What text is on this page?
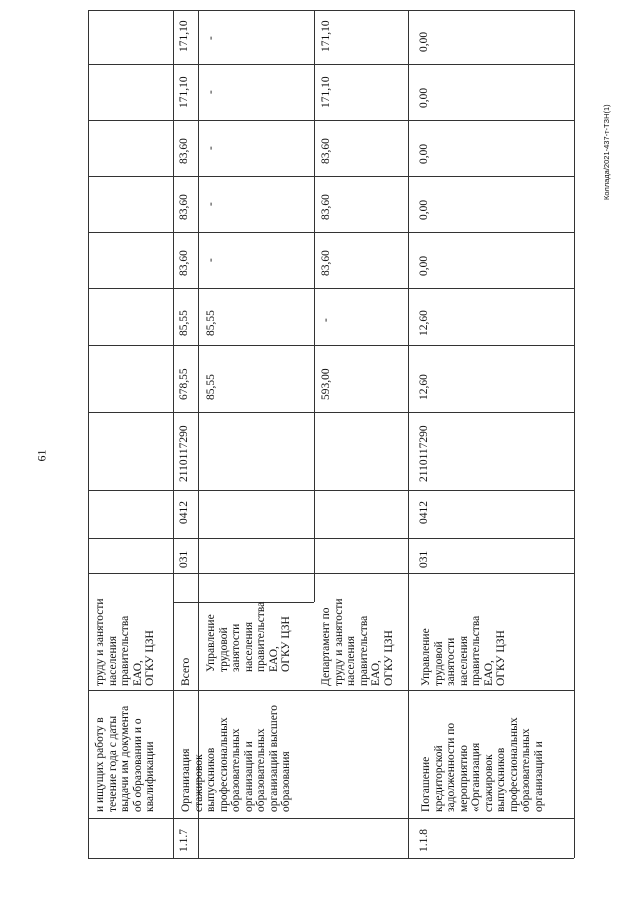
61
Коллада/2021-437-т-ТЗН(1)
и ищущих работу в
течение года с даты
выдачи им документа
об образовании и о
квалификации
труду и занятости
населения
правительства
ЕАО,
ОГКУ ЦЗН
1.1.7
Организация
стажировок
выпускников
профессиональных
образовательных
организаций и
образовательных
организаций высшего
образования
Всего
031
0412
2110117290
678,55
85,55
83,60
83,60
83,60
171,10
171,10
Управление
трудовой
занятости
населения
правительства
ЕАО,
ОГКУ ЦЗН
85,55
85,55
-
-
-
-
-
Департамент по
труду и занятости
населения
правительства
ЕАО,
ОГКУ ЦЗН
593,00
-
83,60
83,60
83,60
171,10
171,10
1.1.8
Погашение
кредиторской
задолженности по
мероприятию
«Организация
стажировок
выпускников
профессиональных
образовательных
организаций и
Управление
трудовой
занятости
населения
правительства
ЕАО,
ОГКУ ЦЗН
031
0412
2110117290
12,60
12,60
0,00
0,00
0,00
0,00
0,00
